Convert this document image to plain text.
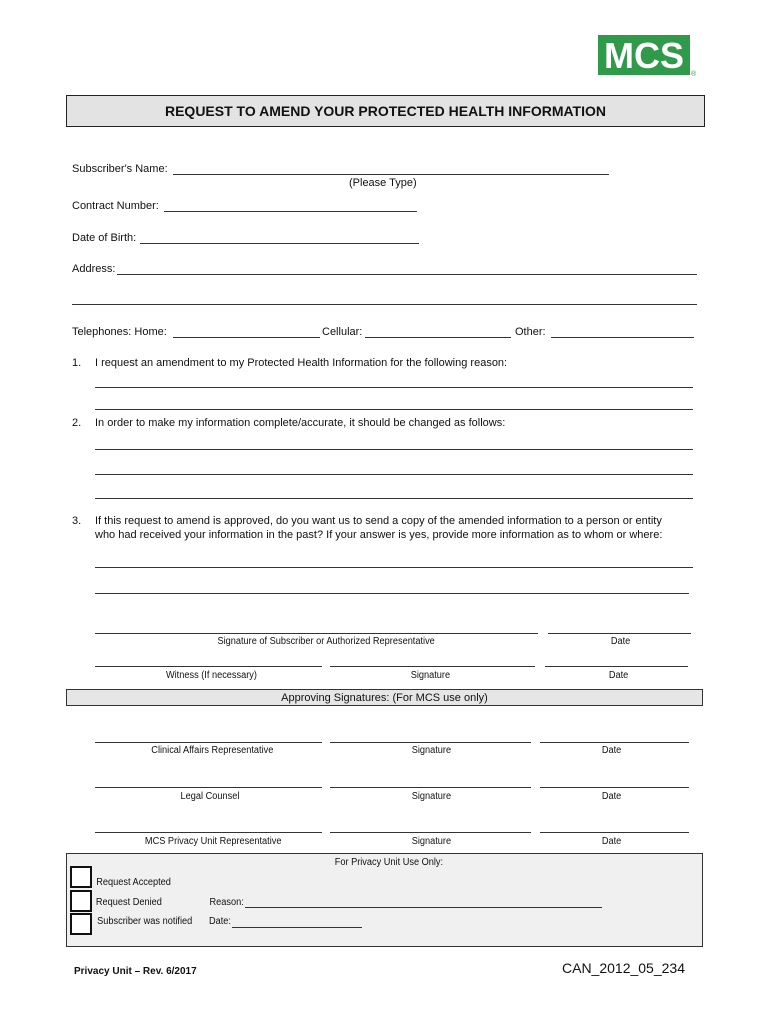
MCS ®
REQUEST TO AMEND YOUR PROTECTED HEALTH INFORMATION
Subscriber's Name:
(Please Type)
Contract Number:
Date of Birth:
Address:
Telephones: Home:	Cellular:	Other:
1. I request an amendment to my Protected Health Information for the following reason:
2. In order to make my information complete/accurate, it should be changed as follows:
3. If this request to amend is approved, do you want us to send a copy of the amended information to a person or entity
who had received your information in the past? If your answer is yes, provide more information as to whom or where:
Signature of Subscriber or Authorized Representative	Date
Witness (If necessary)	Signature	Date
Approving Signatures: (For MCS use only)
Clinical Affairs Representative	Signature	Date
Legal Counsel	Signature	Date
MCS Privacy Unit Representative	Signature	Date
For Privacy Unit Use Only:
Request Accepted
Request Denied	Reason:
Subscriber was notified Date:
Privacy Unit – Rev. 6/2017	CAN_2012_05_234
